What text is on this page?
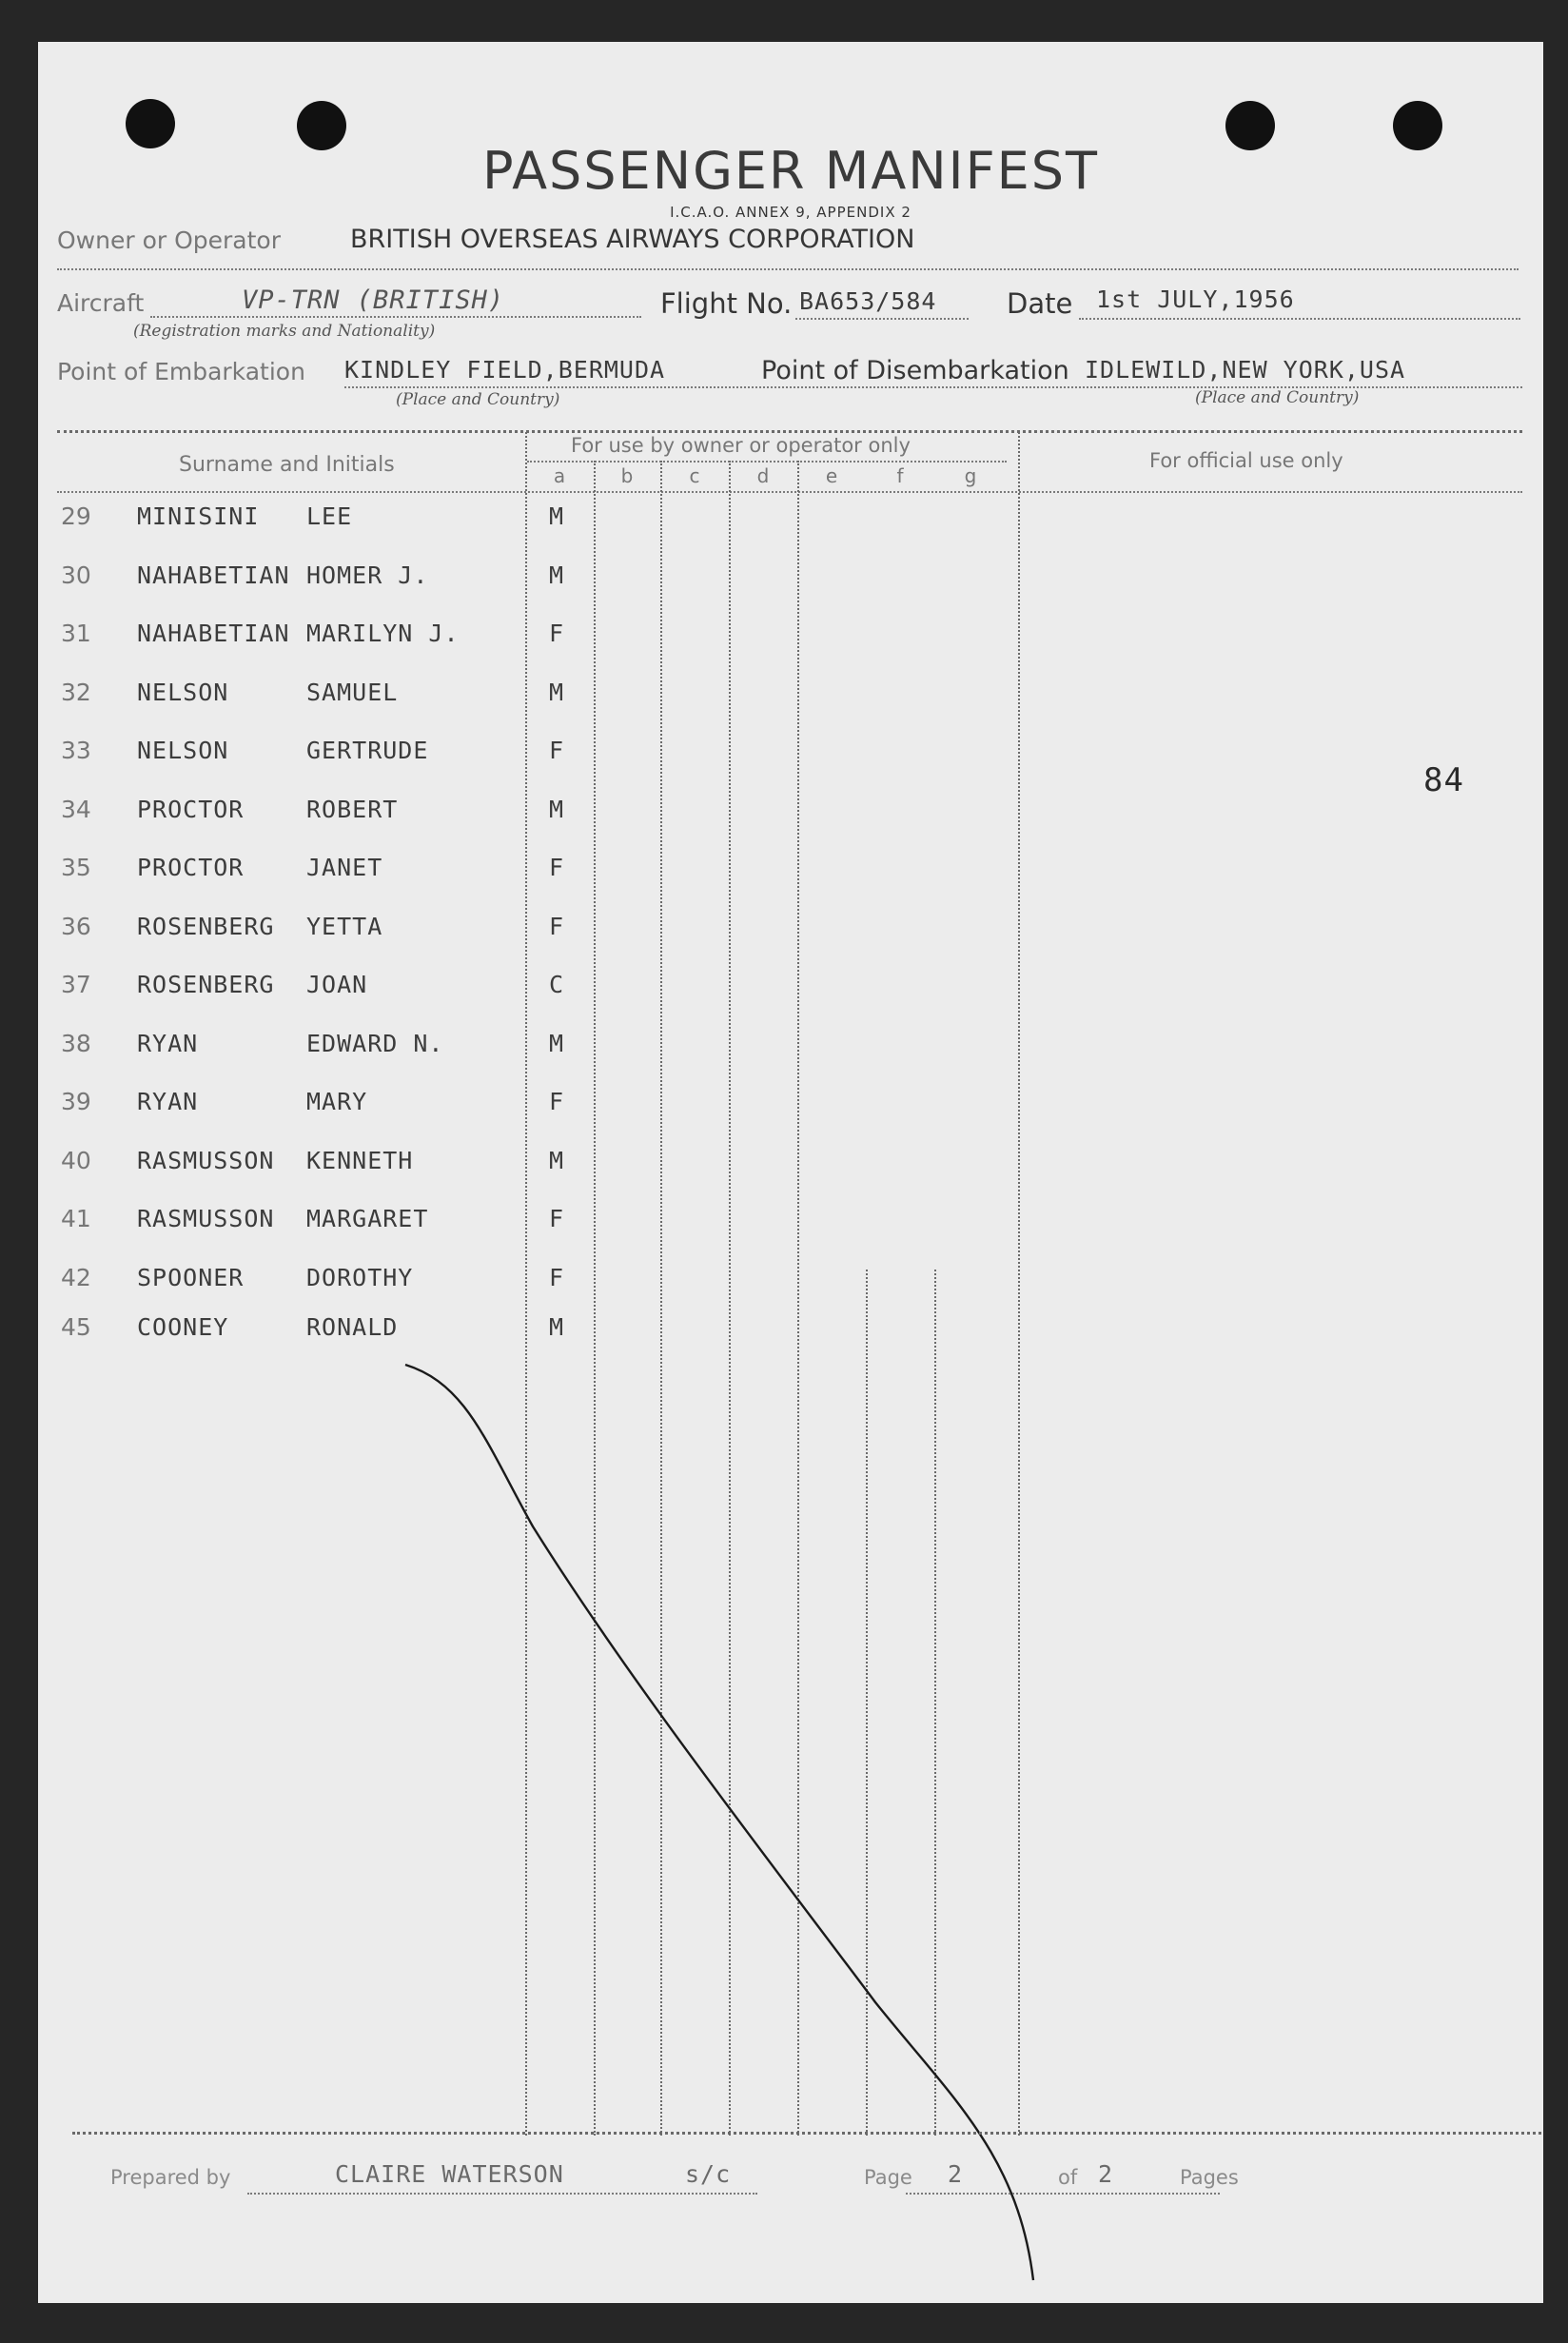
PASSENGER MANIFEST
I.C.A.O. ANNEX 9, APPENDIX 2
Owner or Operator	BRITISH OVERSEAS AIRWAYS CORPORATION
Aircraft	VP-TRN (BRITISH)
(Registration marks and Nationality)
Flight No. BA653/584	Date 1st JULY,1956
Point of Embarkation KINDLEY FIELD,BERMUDA
(Place and Country)
Point of Disembarkation IDLEWILD,NEW YORK,USA
(Place and Country)
Surname and Initials
For use by owner or operator only
For official use only
a	b	c	d	e	f	g
29	MINISINI LEE	M
30	NAHABETIAN HOMER J.	M
31	NAHABETIAN MARILYN J.	F
32	NELSON	SAMUEL	M
33	NELSON	GERTRUDE	F
34	PROCTOR	ROBERT	M
35	PROCTOR	JANET	F
36	ROSENBERG YETTA	F
37	ROSENBERG JOAN	C
38	RYAN	EDWARD N.	M
39	RYAN	MARY	F
40	RASMUSSON KENNETH	M
41	RASMUSSON MARGARET	F
42	SPOONER	DOROTHY	F
45	COONEY	RONALD	M
84
Prepared by	CLAIRE WATERSON	s/c	Page 2	of 2	Pages
